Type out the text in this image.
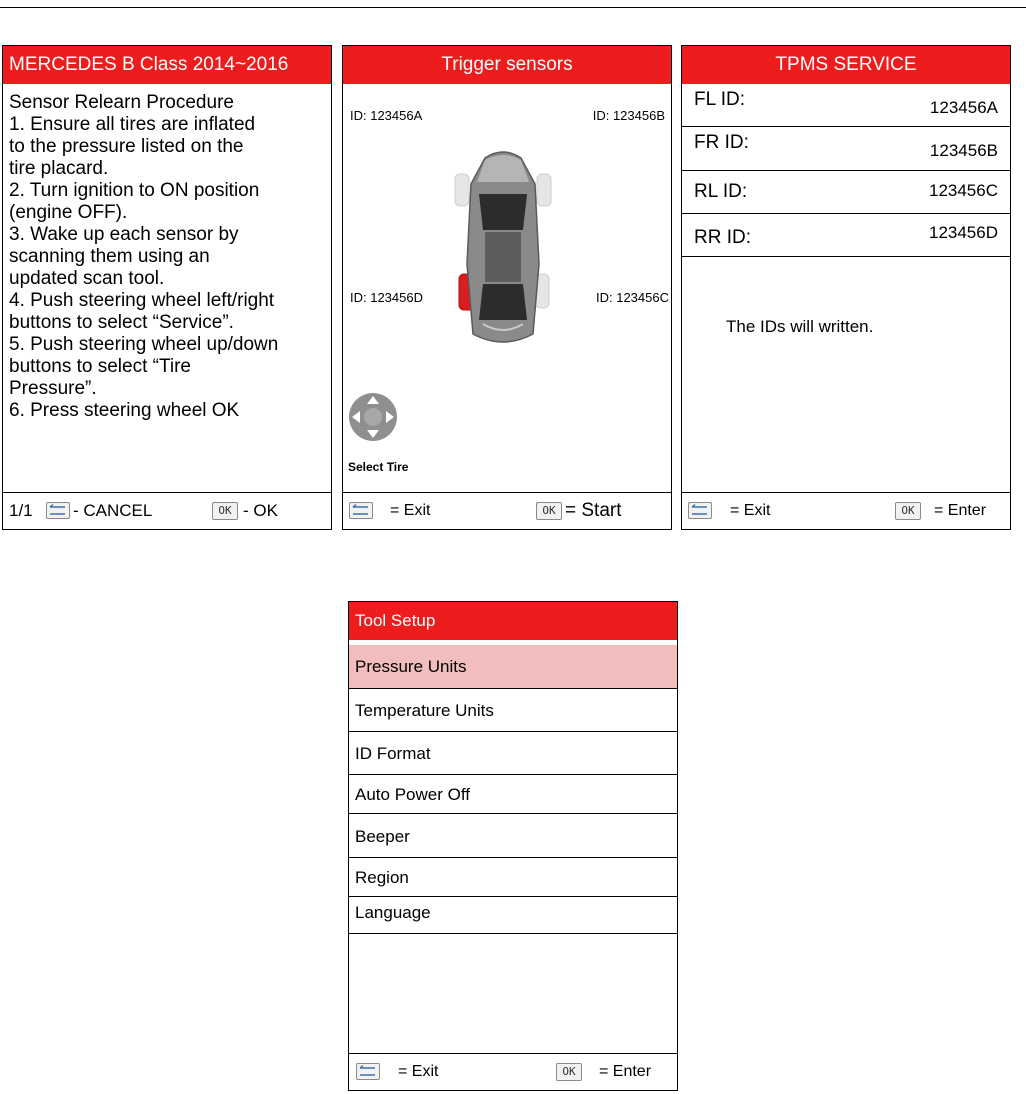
MERCEDES B Class 2014~2016
Sensor Relearn Procedure
1. Ensure all tires are inflated
to the pressure listed on the
tire placard.
2. Turn ignition to ON position
(engine OFF).
3. Wake up each sensor by
scanning them using an
updated scan tool.
4. Push steering wheel left/right
buttons to select “Service”.
5. Push steering wheel up/down
buttons to select “Tire
Pressure”.
6. Press steering wheel OK
1/1 - CANCEL	OK - OK
Trigger sensors
ID: 123456A	ID: 123456B
ID: 123456D	ID: 123456C
Select Tire
= Exit	OK = Start
TPMS SERVICE
FL ID:	123456A
FR ID:	123456B
RL ID:	123456C
RR ID:	123456D
The IDs will written.
= Exit	OK	= Enter
Tool Setup
Pressure Units
Temperature Units
ID Format
Auto Power Off
Beeper
Region
Language
= Exit	OK	= Enter
